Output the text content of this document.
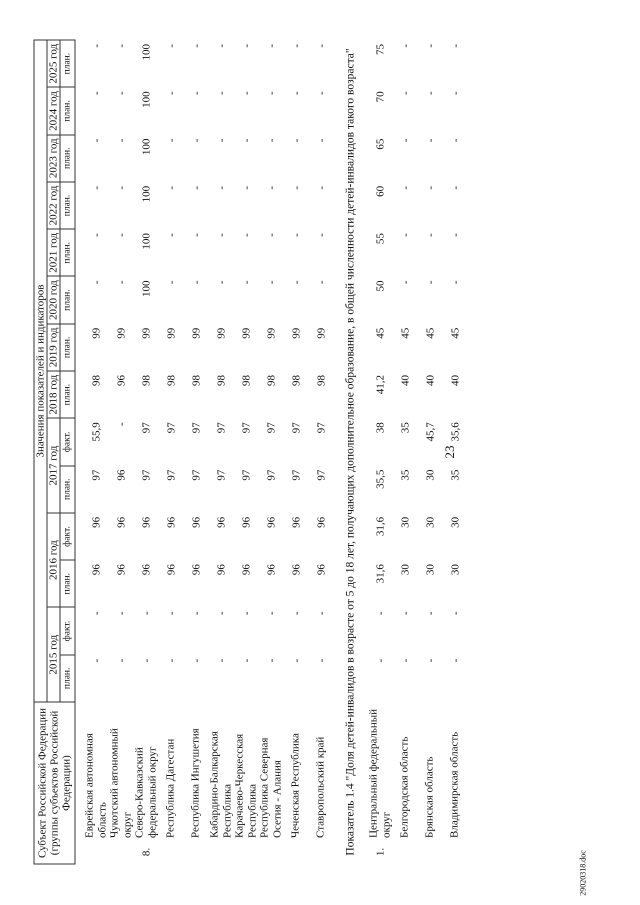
23
29020318.doc
Субъект Российской Федерации (группы субъектов Российской Федерации)		Значения показателей и индикаторов													
		2015 год		2016 год		2017 год		2018 год	2019 год	2020 год	2021 год	2022 год	2023 год	2024 год	2025 год
		план.	факт.	план.	факт.	план.	факт.	план.	план.	план.	план.	план.	план.	план.	план.

	Еврейская автономная область	-	-	96	96	97	55,9	98	99	-	-	-	-	-	-
	Чукотский автономный округ	-	-	96	96	96	-	96	99	-	-	-	-	-	-
8.	Северо-Кавказский федеральный округ	-	-	96	96	97	97	98	99	100	100	100	100	100	100
	Республика Дагестан	-	-	96	96	97	97	98	99	-	-	-	-	-	-
	Республика Ингушетия	-	-	96	96	97	97	98	99	-	-	-	-	-	-
	Кабардино-Балкарская Республика	-	-	96	96	97	97	98	99	-	-	-	-	-	-
	Карачаево-Черкесская Республика	-	-	96	96	97	97	98	99	-	-	-	-	-	-
	Республика Северная Осетия - Алания	-	-	96	96	97	97	98	99	-	-	-	-	-	-
	Чеченская Республика	-	-	96	96	97	97	98	99	-	-	-	-	-	-
	Ставропольский край	-	-	96	96	97	97	98	99	-	-	-	-	-	-
Показатель 1.4 "Доля детей-инвалидов в возрасте от 5 до 18 лет, получающих дополнительное образование, в общей численности детей-инвалидов такого возраста"															
1.	Центральный федеральный округ	-	-	31,6	31,6	35,5	38	41,2	45	50	55	60	65	70	75
	Белгородская область	-	-	30	30	35	35	40	45	-	-	-	-	-	-
	Брянская область	-	-	30	30	30	45,7	40	45	-	-	-	-	-	-
	Владимирская область	-	-	30	30	35	35,6	40	45	-	-	-	-	-	-
